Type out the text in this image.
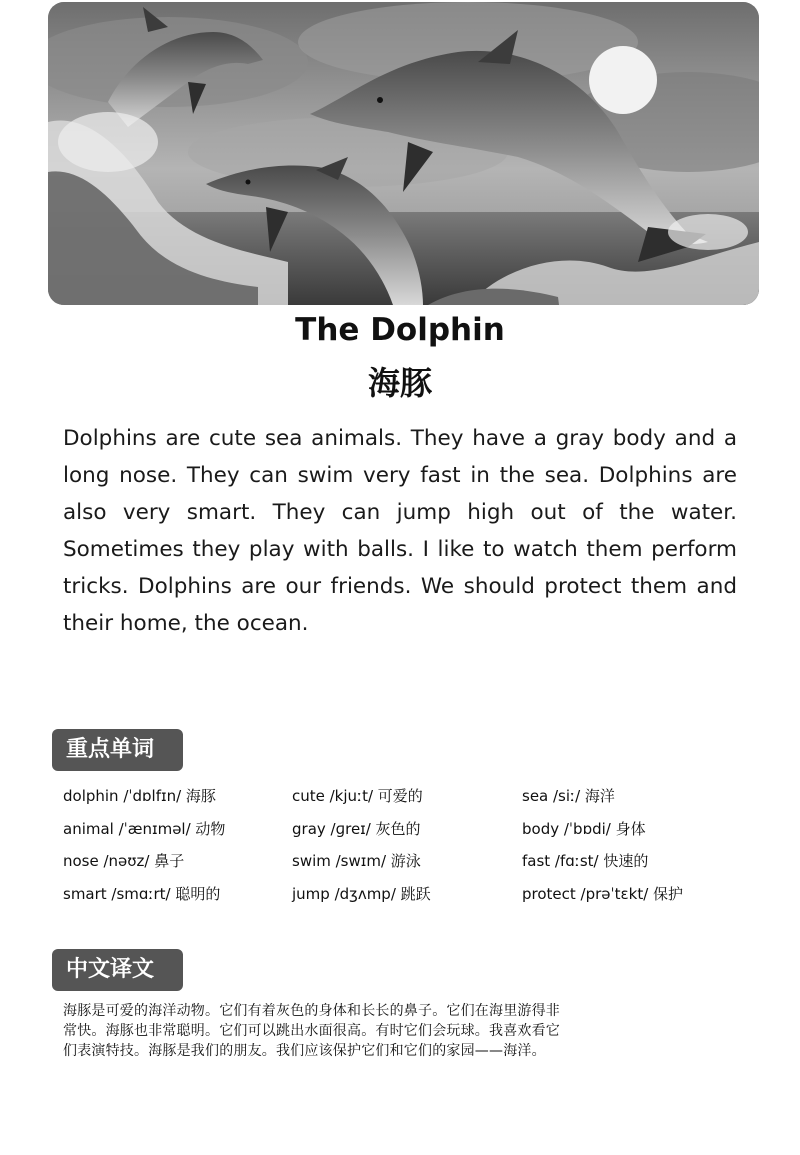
The Dolphin
海豚
Dolphins are cute sea animals. They have a gray body and a long nose. They can swim very fast in the sea. Dolphins are also very smart. They can jump high out of the water. Sometimes they play with balls. I like to watch them perform tricks. Dolphins are our friends. We should protect them and their home, the ocean.
重点单词
dolphin /ˈdɒlfɪn/ 海豚	cute /kjuːt/ 可爱的	sea /siː/ 海洋
animal /ˈænɪməl/ 动物	gray /ɡreɪ/ 灰色的	body /ˈbɒdi/ 身体
nose /nəʊz/ 鼻子	swim /swɪm/ 游泳	fast /fɑːst/ 快速的
smart /smɑːrt/ 聪明的	jump /dʒʌmp/ 跳跃	protect /prəˈtɛkt/ 保护
中文译文
海豚是可爱的海洋动物。它们有着灰色的身体和长长的鼻子。它们在海里游得非
常快。海豚也非常聪明。它们可以跳出水面很高。有时它们会玩球。我喜欢看它
们表演特技。海豚是我们的朋友。我们应该保护它们和它们的家园——海洋。
